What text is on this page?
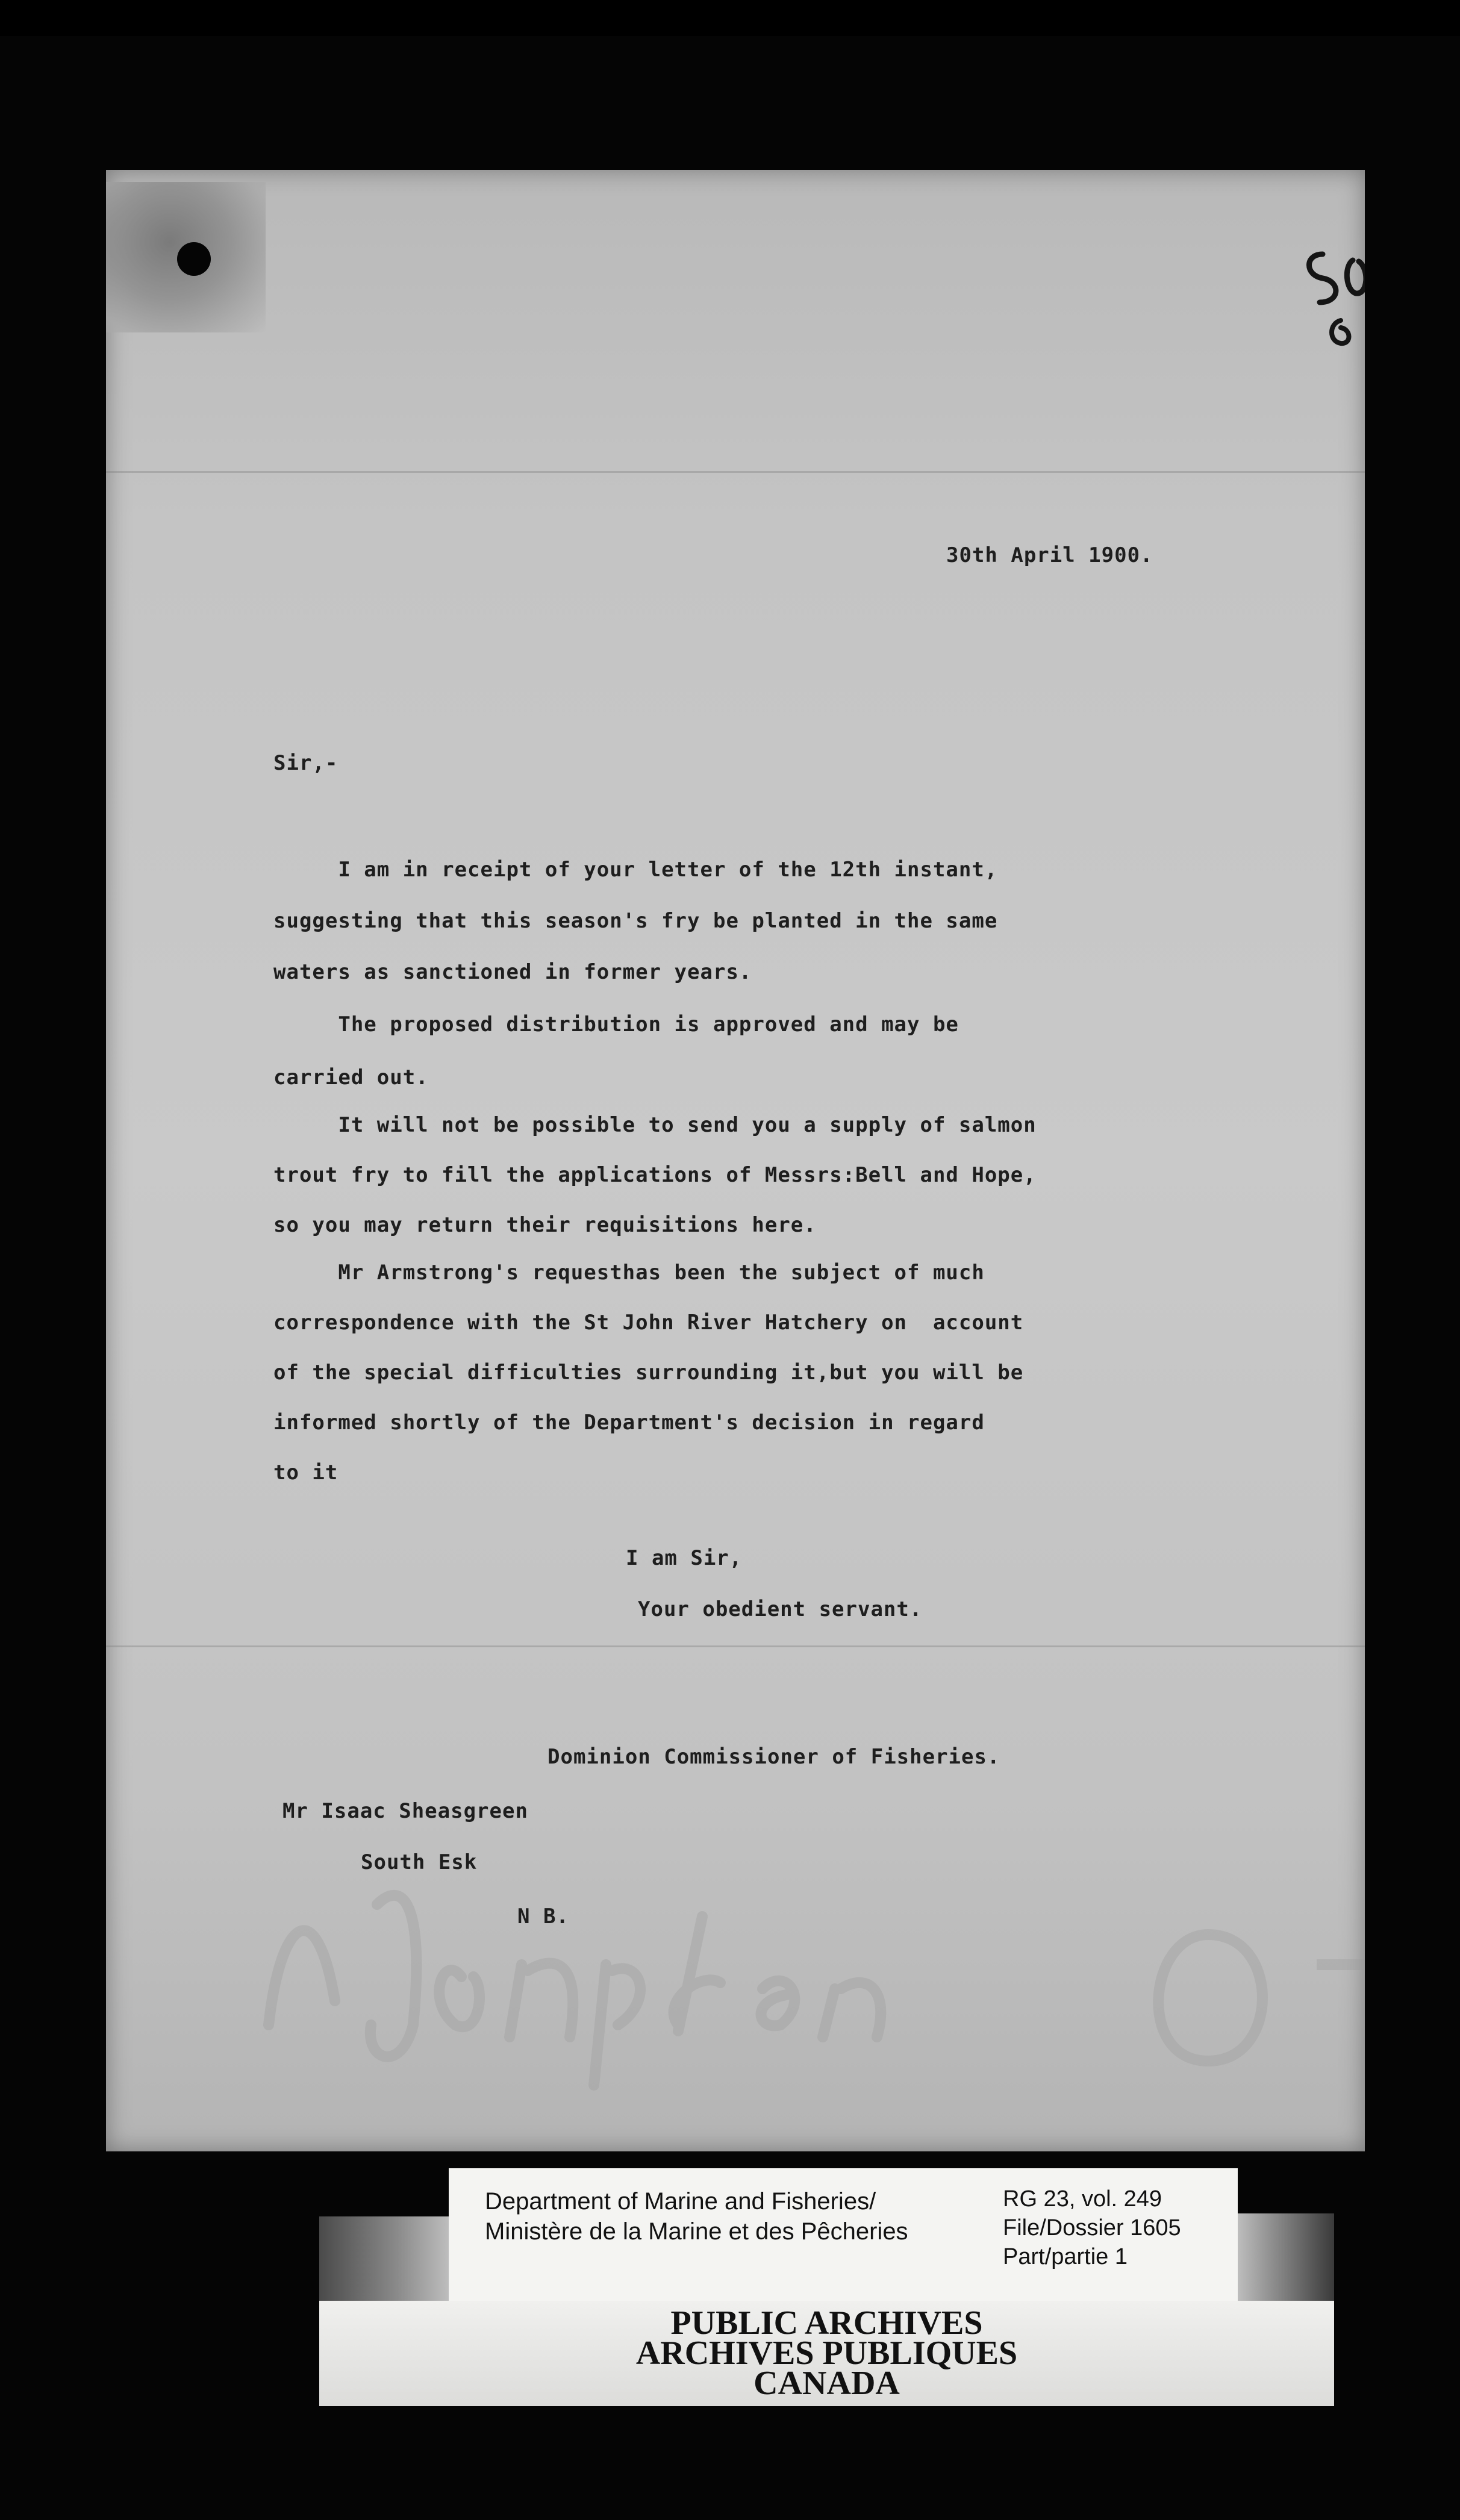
30th April 1900.

Sir,-

I am in receipt of your letter of the 12th instant,
suggesting that this season's fry be planted in the same
waters as sanctioned in former years.

The proposed distribution is approved and may be
carried out.

It will not be possible to send you a supply of salmon
trout fry to fill the applications of Messrs:Bell and Hope,
so you may return their requisitions here.

Mr Armstrong's requesthas been the subject of much
correspondence with the St John River Hatchery on  account
of the special difficulties surrounding it,but you will be
informed shortly of the Department's decision in regard
to it

I am Sir,

Your obedient servant.

Dominion Commissioner of Fisheries.

Mr Isaac Sheasgreen

South Esk

N B.

Department of Marine and Fisheries/

Ministère de la Marine et des Pêcheries

RG 23, vol. 249

File/Dossier 1605

Part/partie 1

PUBLIC ARCHIVES

ARCHIVES PUBLIQUES

CANADA
